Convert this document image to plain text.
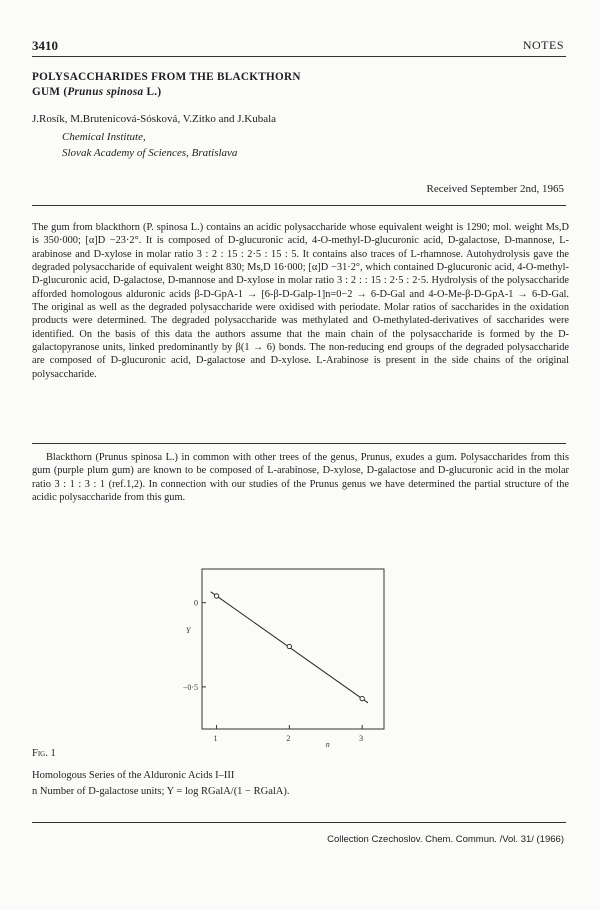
3410	NOTES
POLYSACCHARIDES FROM THE BLACKTHORN
GUM (Prunus spinosa L.)
J.Rosík, M.Brutenicová-Sósková, V.Zitko and J.Kubala
Chemical Institute,
Slovak Academy of Sciences, Bratislava
Received September 2nd, 1965

The gum from blackthorn (P. spinosa L.) contains an acidic polysaccharide whose equivalent weight is 1290; mol. weight Ms,D is 350·000; [α]D −23·2°. It is composed of D-glucuronic acid, 4-O-methyl-D-glucuronic acid, D-galactose, D-mannose, L-arabinose and D-xylose in molar ratio 3 : 2 : 15 : 2·5 : 15 : 5. It contains also traces of L-rhamnose. Autohydrolysis gave the degraded polysaccharide of equivalent weight 830; Ms,D 16·000; [α]D −31·2°, which contained D-glucuronic acid, 4-O-methyl-D-glucuronic acid, D-galactose, D-mannose and D-xylose in molar ratio 3 : 2 : : 15 : 2·5 : 2·5. Hydrolysis of the polysaccharide afforded homologous alduronic acids β-D-GpA-1 → [6-β-D-Galp-1]n=0−2 → 6-D-Gal and 4-O-Me-β-D-GpA-1 → 6-D-Gal. The original as well as the degraded polysaccharide were oxidised with periodate. Molar ratios of saccharides in the oxidation products were determined. The degraded polysaccharide was methylated and O-methylated-derivatives of saccharides were identified. On the basis of this data the authors assume that the main chain of the polysaccharide is formed by the D-galactopyranose units, linked predominantly by β(1 → 6) bonds. The non-reducing end groups of the degraded polysaccharide are composed of D-glucuronic acid, D-galactose and D-xylose. L-Arabinose is present in the side chains of the original polysaccharide.

Blackthorn (Prunus spinosa L.) in common with other trees of the genus, Prunus, exudes a gum. Polysaccharides from this gum (purple plum gum) are known to be composed of L-arabinose, D-xylose, D-galactose and D-glucuronic acid in the molar ratio 3 : 1 : 3 : 1 (ref.1,2). In connection with our studies of the Prunus genus we have determined the partial structure of the acidic polysaccharide from this gum.

1	2	3
0
−0·5
Y
n
Fig. 1
Homologous Series of the Alduronic Acids I–III
n Number of D-galactose units; Y = log RGalA/(1 − RGalA).
Collection Czechoslov. Chem. Commun. /Vol. 31/ (1966)
